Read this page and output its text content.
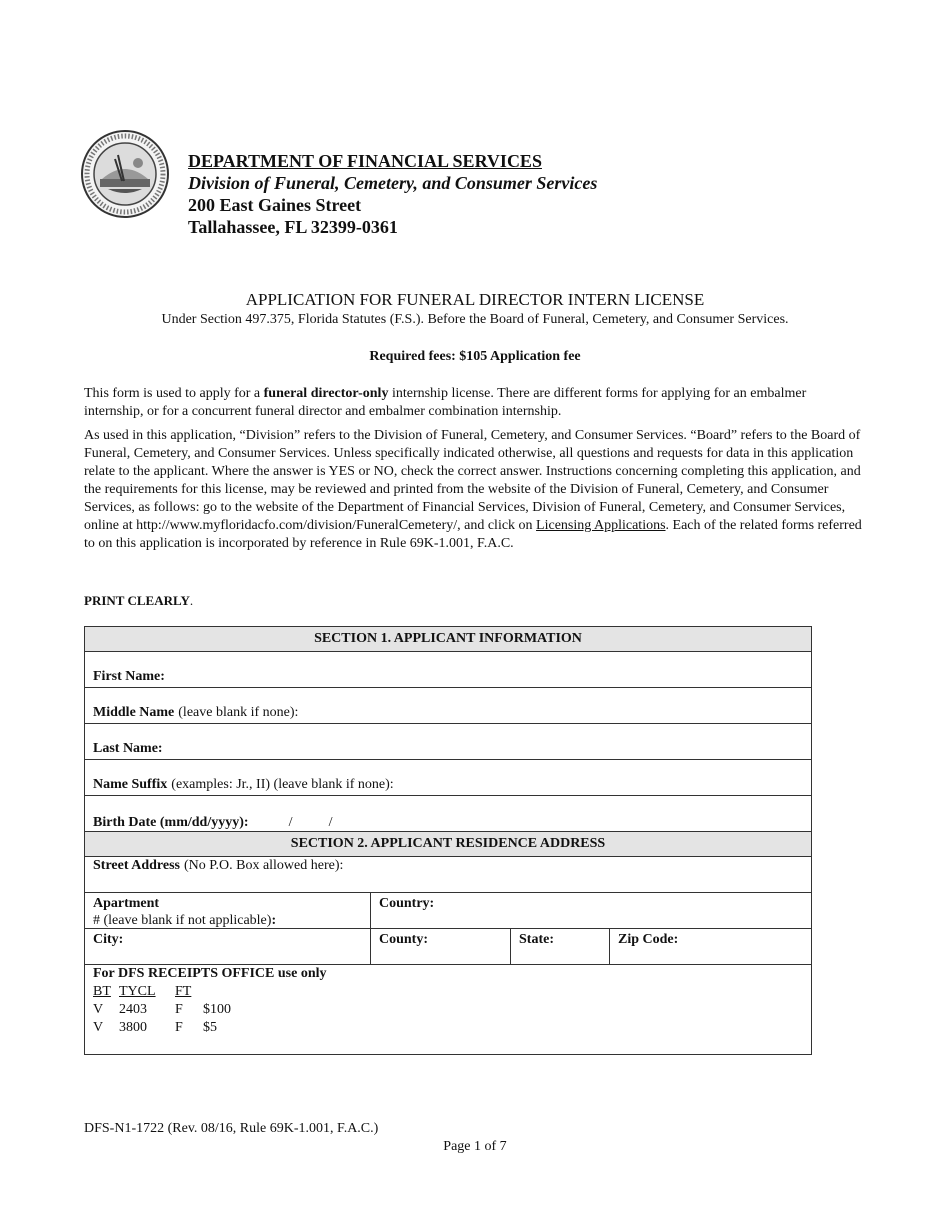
DEPARTMENT OF FINANCIAL SERVICES
Division of Funeral, Cemetery, and Consumer Services
200 East Gaines Street
Tallahassee, FL 32399-0361
APPLICATION FOR FUNERAL DIRECTOR INTERN LICENSE
Under Section 497.375, Florida Statutes (F.S.). Before the Board of Funeral, Cemetery, and Consumer Services.
Required fees: $105 Application fee
This form is used to apply for a funeral director-only internship license. There are different forms for applying for an embalmer internship, or for a concurrent funeral director and embalmer combination internship.
As used in this application, “Division” refers to the Division of Funeral, Cemetery, and Consumer Services. “Board” refers to the Board of Funeral, Cemetery, and Consumer Services. Unless specifically indicated otherwise, all questions and requests for data in this application relate to the applicant. Where the answer is YES or NO, check the correct answer. Instructions concerning completing this application, and the requirements for this license, may be reviewed and printed from the website of the Division of Funeral, Cemetery, and Consumer Services, as follows: go to the website of the Department of Financial Services, Division of Funeral, Cemetery, and Consumer Services, online at http://www.myfloridacfo.com/division/FuneralCemetery/, and click on Licensing Applications. Each of the related forms referred to on this application is incorporated by reference in Rule 69K-1.001, F.A.C.
PRINT CLEARLY.
SECTION 1. APPLICANT INFORMATION
First Name:
Middle Name (leave blank if none):
Last Name:
Name Suffix (examples: Jr., II) (leave blank if none):
Birth Date (mm/dd/yyyy):	/	/
SECTION 2. APPLICANT RESIDENCE ADDRESS
Street Address (No P.O. Box allowed here):
Apartment
# (leave blank if not applicable):
Country:
City:	County:	State:	Zip Code:
For DFS RECEIPTS OFFICE use only
BT TYCL	FT
V	2403	F	$100
V	3800	F	$5
DFS-N1-1722 (Rev. 08/16, Rule 69K-1.001, F.A.C.)
Page 1 of 7
